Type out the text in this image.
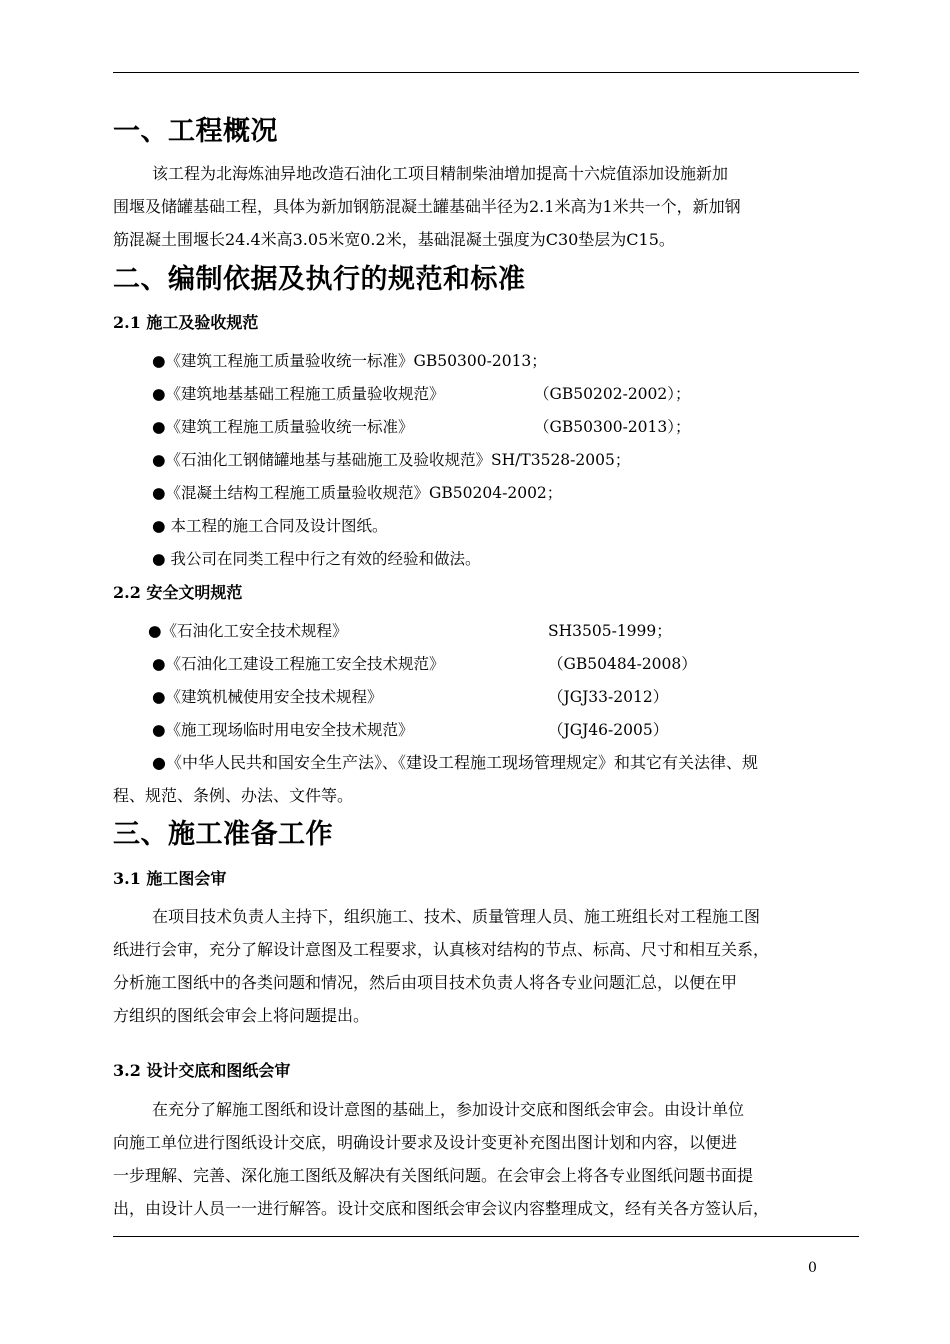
一、工程概况
该工程为北海炼油异地改造石油化工项目精制柴油增加提高十六烷值添加设施新加
围堰及储罐基础工程，具体为新加钢筋混凝土罐基础半径为2.1米高为1米共一个，新加钢
筋混凝土围堰长24.4米高3.05米宽0.2米，基础混凝土强度为C30垫层为C15。
二、编制依据及执行的规范和标准
2.1 施工及验收规范
●《建筑工程施工质量验收统一标准》GB50300-2013；
●《建筑地基基础工程施工质量验收规范》	（GB50202-2002）；
●《建筑工程施工质量验收统一标准》	（GB50300-2013）；
●《石油化工钢储罐地基与基础施工及验收规范》SH/T3528-2005；
●《混凝土结构工程施工质量验收规范》GB50204-2002；
● 本工程的施工合同及设计图纸。
● 我公司在同类工程中行之有效的经验和做法。
2.2 安全文明规范
●《石油化工安全技术规程》	SH3505-1999；
●《石油化工建设工程施工安全技术规范》	（GB50484-2008）
●《建筑机械使用安全技术规程》	（JGJ33-2012）
●《施工现场临时用电安全技术规范》	（JGJ46-2005）
●《中华人民共和国安全生产法》、《建设工程施工现场管理规定》和其它有关法律、规
程、规范、条例、办法、文件等。
三、施工准备工作
3.1 施工图会审
在项目技术负责人主持下，组织施工、技术、质量管理人员、施工班组长对工程施工图
纸进行会审，充分了解设计意图及工程要求，认真核对结构的节点、标高、尺寸和相互关系，
分析施工图纸中的各类问题和情况，然后由项目技术负责人将各专业问题汇总，以便在甲
方组织的图纸会审会上将问题提出。
3.2 设计交底和图纸会审
在充分了解施工图纸和设计意图的基础上，参加设计交底和图纸会审会。由设计单位
向施工单位进行图纸设计交底，明确设计要求及设计变更补充图出图计划和内容，以便进
一步理解、完善、深化施工图纸及解决有关图纸问题。在会审会上将各专业图纸问题书面提
出，由设计人员一一进行解答。设计交底和图纸会审会议内容整理成文，经有关各方签认后，
0
